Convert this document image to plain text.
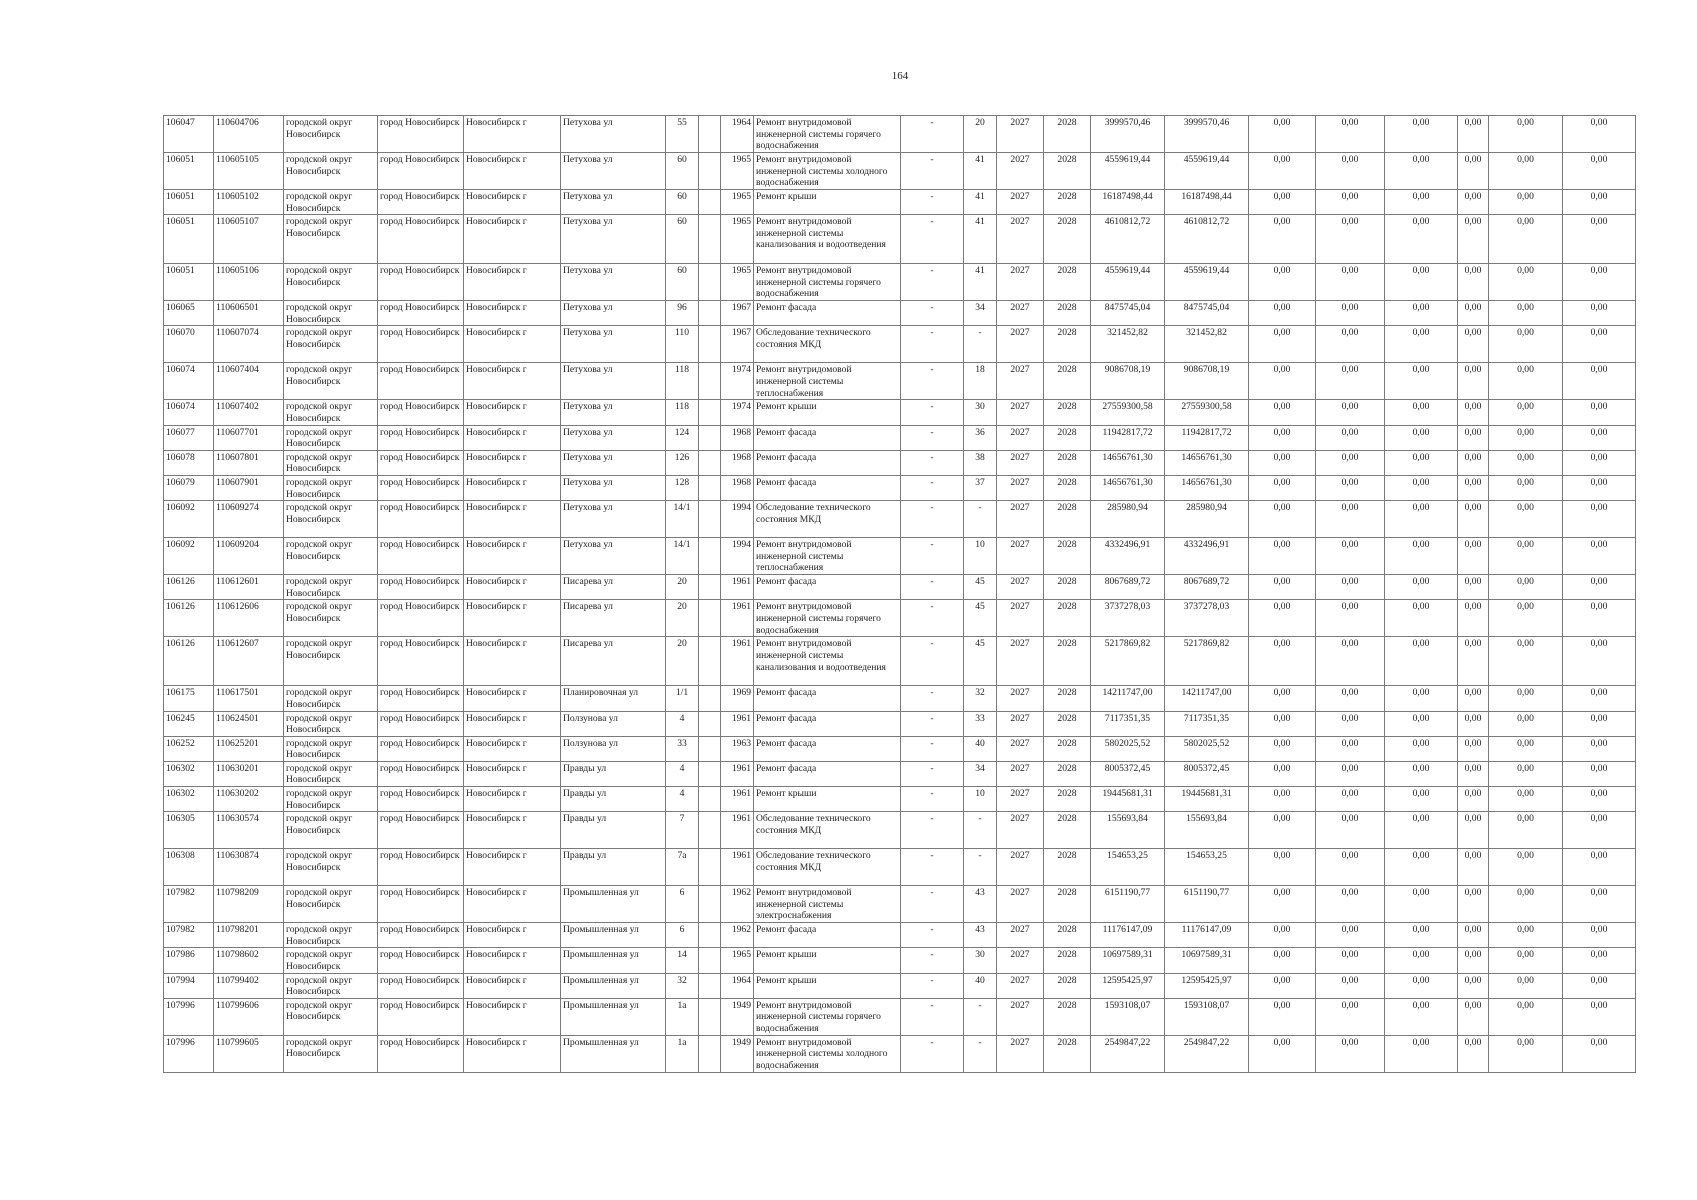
164
106047	110604706	городской округ Новосибирск	город Новосибирск	Новосибирск г	Петухова ул	55		1964	Ремонт внутридомовой инженерной системы горячего водоснабжения	-	20	2027	2028	3999570,46	3999570,46	0,00	0,00	0,00	0,00	0,00	0,00
106051	110605105	городской округ Новосибирск	город Новосибирск	Новосибирск г	Петухова ул	60		1965	Ремонт внутридомовой инженерной системы холодного водоснабжения	-	41	2027	2028	4559619,44	4559619,44	0,00	0,00	0,00	0,00	0,00	0,00
106051	110605102	городской округ Новосибирск	город Новосибирск	Новосибирск г	Петухова ул	60		1965	Ремонт крыши	-	41	2027	2028	16187498,44	16187498,44	0,00	0,00	0,00	0,00	0,00	0,00
106051	110605107	городской округ Новосибирск	город Новосибирск	Новосибирск г	Петухова ул	60		1965	Ремонт внутридомовой инженерной системы канализования и водоотведения	-	41	2027	2028	4610812,72	4610812,72	0,00	0,00	0,00	0,00	0,00	0,00
106051	110605106	городской округ Новосибирск	город Новосибирск	Новосибирск г	Петухова ул	60		1965	Ремонт внутридомовой инженерной системы горячего водоснабжения	-	41	2027	2028	4559619,44	4559619,44	0,00	0,00	0,00	0,00	0,00	0,00
106065	110606501	городской округ Новосибирск	город Новосибирск	Новосибирск г	Петухова ул	96		1967	Ремонт фасада	-	34	2027	2028	8475745,04	8475745,04	0,00	0,00	0,00	0,00	0,00	0,00
106070	110607074	городской округ Новосибирск	город Новосибирск	Новосибирск г	Петухова ул	110		1967	Обследование технического состояния МКД	-	-	2027	2028	321452,82	321452,82	0,00	0,00	0,00	0,00	0,00	0,00
106074	110607404	городской округ Новосибирск	город Новосибирск	Новосибирск г	Петухова ул	118		1974	Ремонт внутридомовой инженерной системы теплоснабжения	-	18	2027	2028	9086708,19	9086708,19	0,00	0,00	0,00	0,00	0,00	0,00
106074	110607402	городской округ Новосибирск	город Новосибирск	Новосибирск г	Петухова ул	118		1974	Ремонт крыши	-	30	2027	2028	27559300,58	27559300,58	0,00	0,00	0,00	0,00	0,00	0,00
106077	110607701	городской округ Новосибирск	город Новосибирск	Новосибирск г	Петухова ул	124		1968	Ремонт фасада	-	36	2027	2028	11942817,72	11942817,72	0,00	0,00	0,00	0,00	0,00	0,00
106078	110607801	городской округ Новосибирск	город Новосибирск	Новосибирск г	Петухова ул	126		1968	Ремонт фасада	-	38	2027	2028	14656761,30	14656761,30	0,00	0,00	0,00	0,00	0,00	0,00
106079	110607901	городской округ Новосибирск	город Новосибирск	Новосибирск г	Петухова ул	128		1968	Ремонт фасада	-	37	2027	2028	14656761,30	14656761,30	0,00	0,00	0,00	0,00	0,00	0,00
106092	110609274	городской округ Новосибирск	город Новосибирск	Новосибирск г	Петухова ул	14/1		1994	Обследование технического состояния МКД	-	-	2027	2028	285980,94	285980,94	0,00	0,00	0,00	0,00	0,00	0,00
106092	110609204	городской округ Новосибирск	город Новосибирск	Новосибирск г	Петухова ул	14/1		1994	Ремонт внутридомовой инженерной системы теплоснабжения	-	10	2027	2028	4332496,91	4332496,91	0,00	0,00	0,00	0,00	0,00	0,00
106126	110612601	городской округ Новосибирск	город Новосибирск	Новосибирск г	Писарева ул	20		1961	Ремонт фасада	-	45	2027	2028	8067689,72	8067689,72	0,00	0,00	0,00	0,00	0,00	0,00
106126	110612606	городской округ Новосибирск	город Новосибирск	Новосибирск г	Писарева ул	20		1961	Ремонт внутридомовой инженерной системы горячего водоснабжения	-	45	2027	2028	3737278,03	3737278,03	0,00	0,00	0,00	0,00	0,00	0,00
106126	110612607	городской округ Новосибирск	город Новосибирск	Новосибирск г	Писарева ул	20		1961	Ремонт внутридомовой инженерной системы канализования и водоотведения	-	45	2027	2028	5217869,82	5217869,82	0,00	0,00	0,00	0,00	0,00	0,00
106175	110617501	городской округ Новосибирск	город Новосибирск	Новосибирск г	Планировочная ул	1/1		1969	Ремонт фасада	-	32	2027	2028	14211747,00	14211747,00	0,00	0,00	0,00	0,00	0,00	0,00
106245	110624501	городской округ Новосибирск	город Новосибирск	Новосибирск г	Ползунова ул	4		1961	Ремонт фасада	-	33	2027	2028	7117351,35	7117351,35	0,00	0,00	0,00	0,00	0,00	0,00
106252	110625201	городской округ Новосибирск	город Новосибирск	Новосибирск г	Ползунова ул	33		1963	Ремонт фасада	-	40	2027	2028	5802025,52	5802025,52	0,00	0,00	0,00	0,00	0,00	0,00
106302	110630201	городской округ Новосибирск	город Новосибирск	Новосибирск г	Правды ул	4		1961	Ремонт фасада	-	34	2027	2028	8005372,45	8005372,45	0,00	0,00	0,00	0,00	0,00	0,00
106302	110630202	городской округ Новосибирск	город Новосибирск	Новосибирск г	Правды ул	4		1961	Ремонт крыши	-	10	2027	2028	19445681,31	19445681,31	0,00	0,00	0,00	0,00	0,00	0,00
106305	110630574	городской округ Новосибирск	город Новосибирск	Новосибирск г	Правды ул	7		1961	Обследование технического состояния МКД	-	-	2027	2028	155693,84	155693,84	0,00	0,00	0,00	0,00	0,00	0,00
106308	110630874	городской округ Новосибирск	город Новосибирск	Новосибирск г	Правды ул	7а		1961	Обследование технического состояния МКД	-	-	2027	2028	154653,25	154653,25	0,00	0,00	0,00	0,00	0,00	0,00
107982	110798209	городской округ Новосибирск	город Новосибирск	Новосибирск г	Промышленная ул	6		1962	Ремонт внутридомовой инженерной системы электроснабжения	-	43	2027	2028	6151190,77	6151190,77	0,00	0,00	0,00	0,00	0,00	0,00
107982	110798201	городской округ Новосибирск	город Новосибирск	Новосибирск г	Промышленная ул	6		1962	Ремонт фасада	-	43	2027	2028	11176147,09	11176147,09	0,00	0,00	0,00	0,00	0,00	0,00
107986	110798602	городской округ Новосибирск	город Новосибирск	Новосибирск г	Промышленная ул	14		1965	Ремонт крыши	-	30	2027	2028	10697589,31	10697589,31	0,00	0,00	0,00	0,00	0,00	0,00
107994	110799402	городской округ Новосибирск	город Новосибирск	Новосибирск г	Промышленная ул	32		1964	Ремонт крыши	-	40	2027	2028	12595425,97	12595425,97	0,00	0,00	0,00	0,00	0,00	0,00
107996	110799606	городской округ Новосибирск	город Новосибирск	Новосибирск г	Промышленная ул	1а		1949	Ремонт внутридомовой инженерной системы горячего водоснабжения	-	-	2027	2028	1593108,07	1593108,07	0,00	0,00	0,00	0,00	0,00	0,00
107996	110799605	городской округ Новосибирск	город Новосибирск	Новосибирск г	Промышленная ул	1а		1949	Ремонт внутридомовой инженерной системы холодного водоснабжения	-	-	2027	2028	2549847,22	2549847,22	0,00	0,00	0,00	0,00	0,00	0,00
